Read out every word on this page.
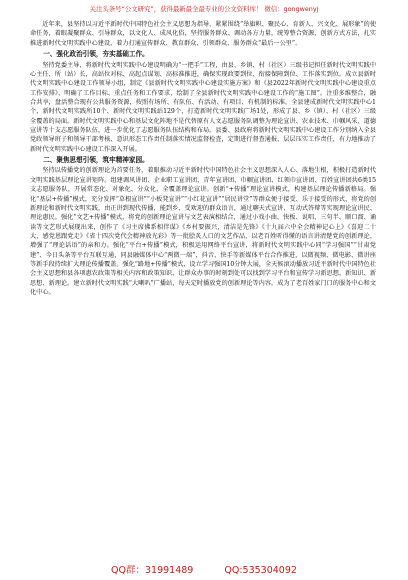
关注头条号“公文研究”，获得最新最全最专业的公文资料库！ 微信：gongwenyj

近年来，县坚持以习近平新时代中国特色社会主义思想为指导，紧紧围绕“举旗帜、聚民心、育新人、兴文化、展形象”的使命任务，着眼凝聚群众、引导群众，以文化人、成风化俗，坚持服务群众、调动各方力量，统筹整合资源，创新方式方法，扎实推进新时代文明实践中心建设，着力打通宣传群众、教育群众、引领群众、服务群众“最后一公里”。

一、强化政治引领，夯实基础工作。

坚持党委主导，将新时代文明实践中心建设明确为“一把手”工程，由县、乡镇、村（社区）三级书记担任新时代文明实践中心主任、所（站）长，高站位对标、高起点谋划、高标准推进，确保实现政要到位、衔接保障到位、工作落实到位。成立县新时代文明实践中心建设工作领导小组，制定《县新时代文明实践中心建设实施方案》和《县2022年新时代文明实践中心建设重点工作安排》，明确了工作目标、重点任务和工作要求，绘制了全县新时代文明实践中心建设工作的“施工图”。注重多维整合，融合共享，盘活整合现有公共服务资源，按照有场所、有队伍、有活动、有项目、有机制的标准，全县建成新时代文明实践中心1个、新时代文明实践所10个、新时代文明实践站129个，打造新时代文明实践广场1处，形成了县、乡（镇）、村（社区）三级全覆盖的局面。新时代文明实践中心和基层文化阵地不是代替原有人文志愿服务队调整为理论宣讲、农业技术、巾帼风采、道德宣讲等十支志愿服务队伍，进一步优化了志愿服务队伍结构和布局。县委、县政府将新时代文明实践中心建设工作分别纳入全县党政领导班子和领导干部考核、意识形态工作责任制落实情况监督检查，定期进行督查通报，层层压实工作责任，有力地推动了新时代文明实践中心建设工作深入开展。

二、聚焦思想引领，筑牢精神家园。

坚持以传播党的创新理论为首要任务，着眼推动习近平新时代中国特色社会主义思想深入人心、落地生根，积极打造新时代文明实践基层理论宣讲矩阵。组建调风讲团、企业职工宣讲团、青年宣讲团、巾帼宣讲团、红领巾宣讲团、百姓宣讲团共6类15支志愿服务队，开展常态化、对象化、分众化、全覆盖理论宣讲。创新“+传播”理论宣讲模式，构建基层理论传播新格局。强化“基层+传播”模式，充分发挥“草根宣讲”“小板凳宣讲”“小红花宣讲”“居民讲堂”等群众便于接受、乐于接受的形式，将党的创新理论和新时代文明实践，由正讲到现代传播，能到乡、受欢迎的群众语言，通过聊天式宣讲、互动式答辩等实现理论宣讲民、理论惠民。强化“文艺+传播”模式，将党的创新理论宣讲与文艺表演相结合，通过小戏小曲、快板、说唱、三句半、顺口溜、诵读等文艺形式展现出来，创作了《习主席佛系相伴谋》《乡村要振兴，清洁是先锋》《十九届六中全会精神记心上》《喜迎二十大，感党恩跟党走》《省十四次党代会精神放光彩》等一批脍炙人口的文艺作品，以老百姓听得懂的语言讲清楚党的创新理论，增强了“理论话语”的亲和力。强化“平台+传播”模式，积极运用网络平台宣讲，将新时代文明实践中心同“学习强国”“甘肃党建”、今日头条等平台互联互通，同县融媒体中心“两微一端”，抖音、快手等新媒体平台合作推进，以微视频、微电影、微讲座等新手段持续扩大理论传播覆盖。强化“路地+传播”模式，设立学习强国10分钟大展，全天候滚动播放习近平新时代中国特色社会主义思想和县各项惠农政策等相关内容和政策知识，让群众办事的时刻到处可以找到学习平台和宣传学习新思想，新知识、新思想、新理论。建立新时代文明实践“大喇叭”广播站，每天定时播放党的创新理论等内容，成为了老百姓家门口的服务中心和文化中心。

QQ群：31991489	QQ:535304092
